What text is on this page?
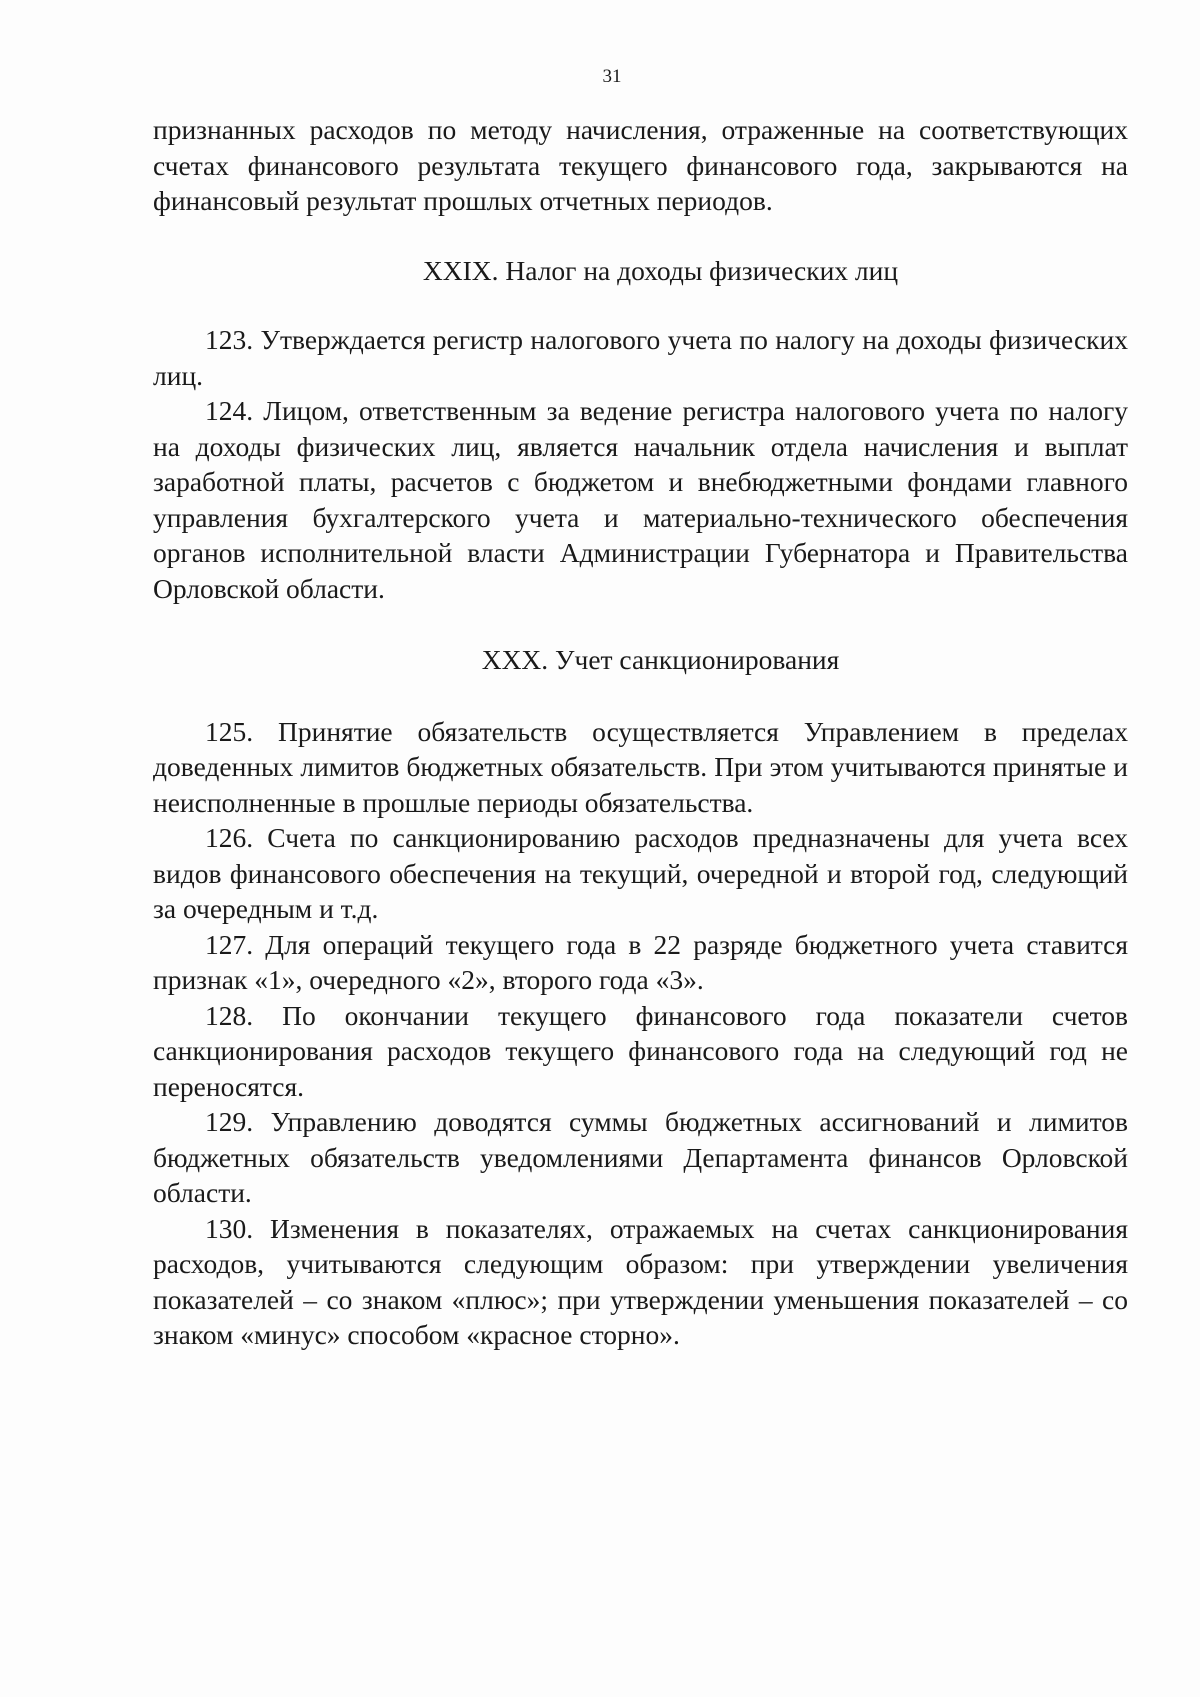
31

признанных расходов по методу начисления, отраженные на соответствующих счетах финансового результата текущего финансового года, закрываются на финансовый результат прошлых отчетных периодов.

XXIX. Налог на доходы физических лиц

123. Утверждается регистр налогового учета по налогу на доходы физических лиц.

124. Лицом, ответственным за ведение регистра налогового учета по налогу на доходы физических лиц, является начальник отдела начисления и выплат заработной платы, расчетов с бюджетом и внебюджетными фондами главного управления бухгалтерского учета и материально-технического обеспечения органов исполнительной власти Администрации Губернатора и Правительства Орловской области.

XXX. Учет санкционирования

125. Принятие обязательств осуществляется Управлением в пределах доведенных лимитов бюджетных обязательств. При этом учитываются принятые и неисполненные в прошлые периоды обязательства.

126. Счета по санкционированию расходов предназначены для учета всех видов финансового обеспечения на текущий, очередной и второй год, следующий за очередным и т.д.

127. Для операций текущего года в 22 разряде бюджетного учета ставится признак «1», очередного «2», второго года «3».

128. По окончании текущего финансового года показатели счетов санкционирования расходов текущего финансового года на следующий год не переносятся.

129. Управлению доводятся суммы бюджетных ассигнований и лимитов бюджетных обязательств уведомлениями Департамента финансов Орловской области.

130. Изменения в показателях, отражаемых на счетах санкционирования расходов, учитываются следующим образом: при утверждении увеличения показателей – со знаком «плюс»; при утверждении уменьшения показателей – со знаком «минус» способом «красное сторно».
